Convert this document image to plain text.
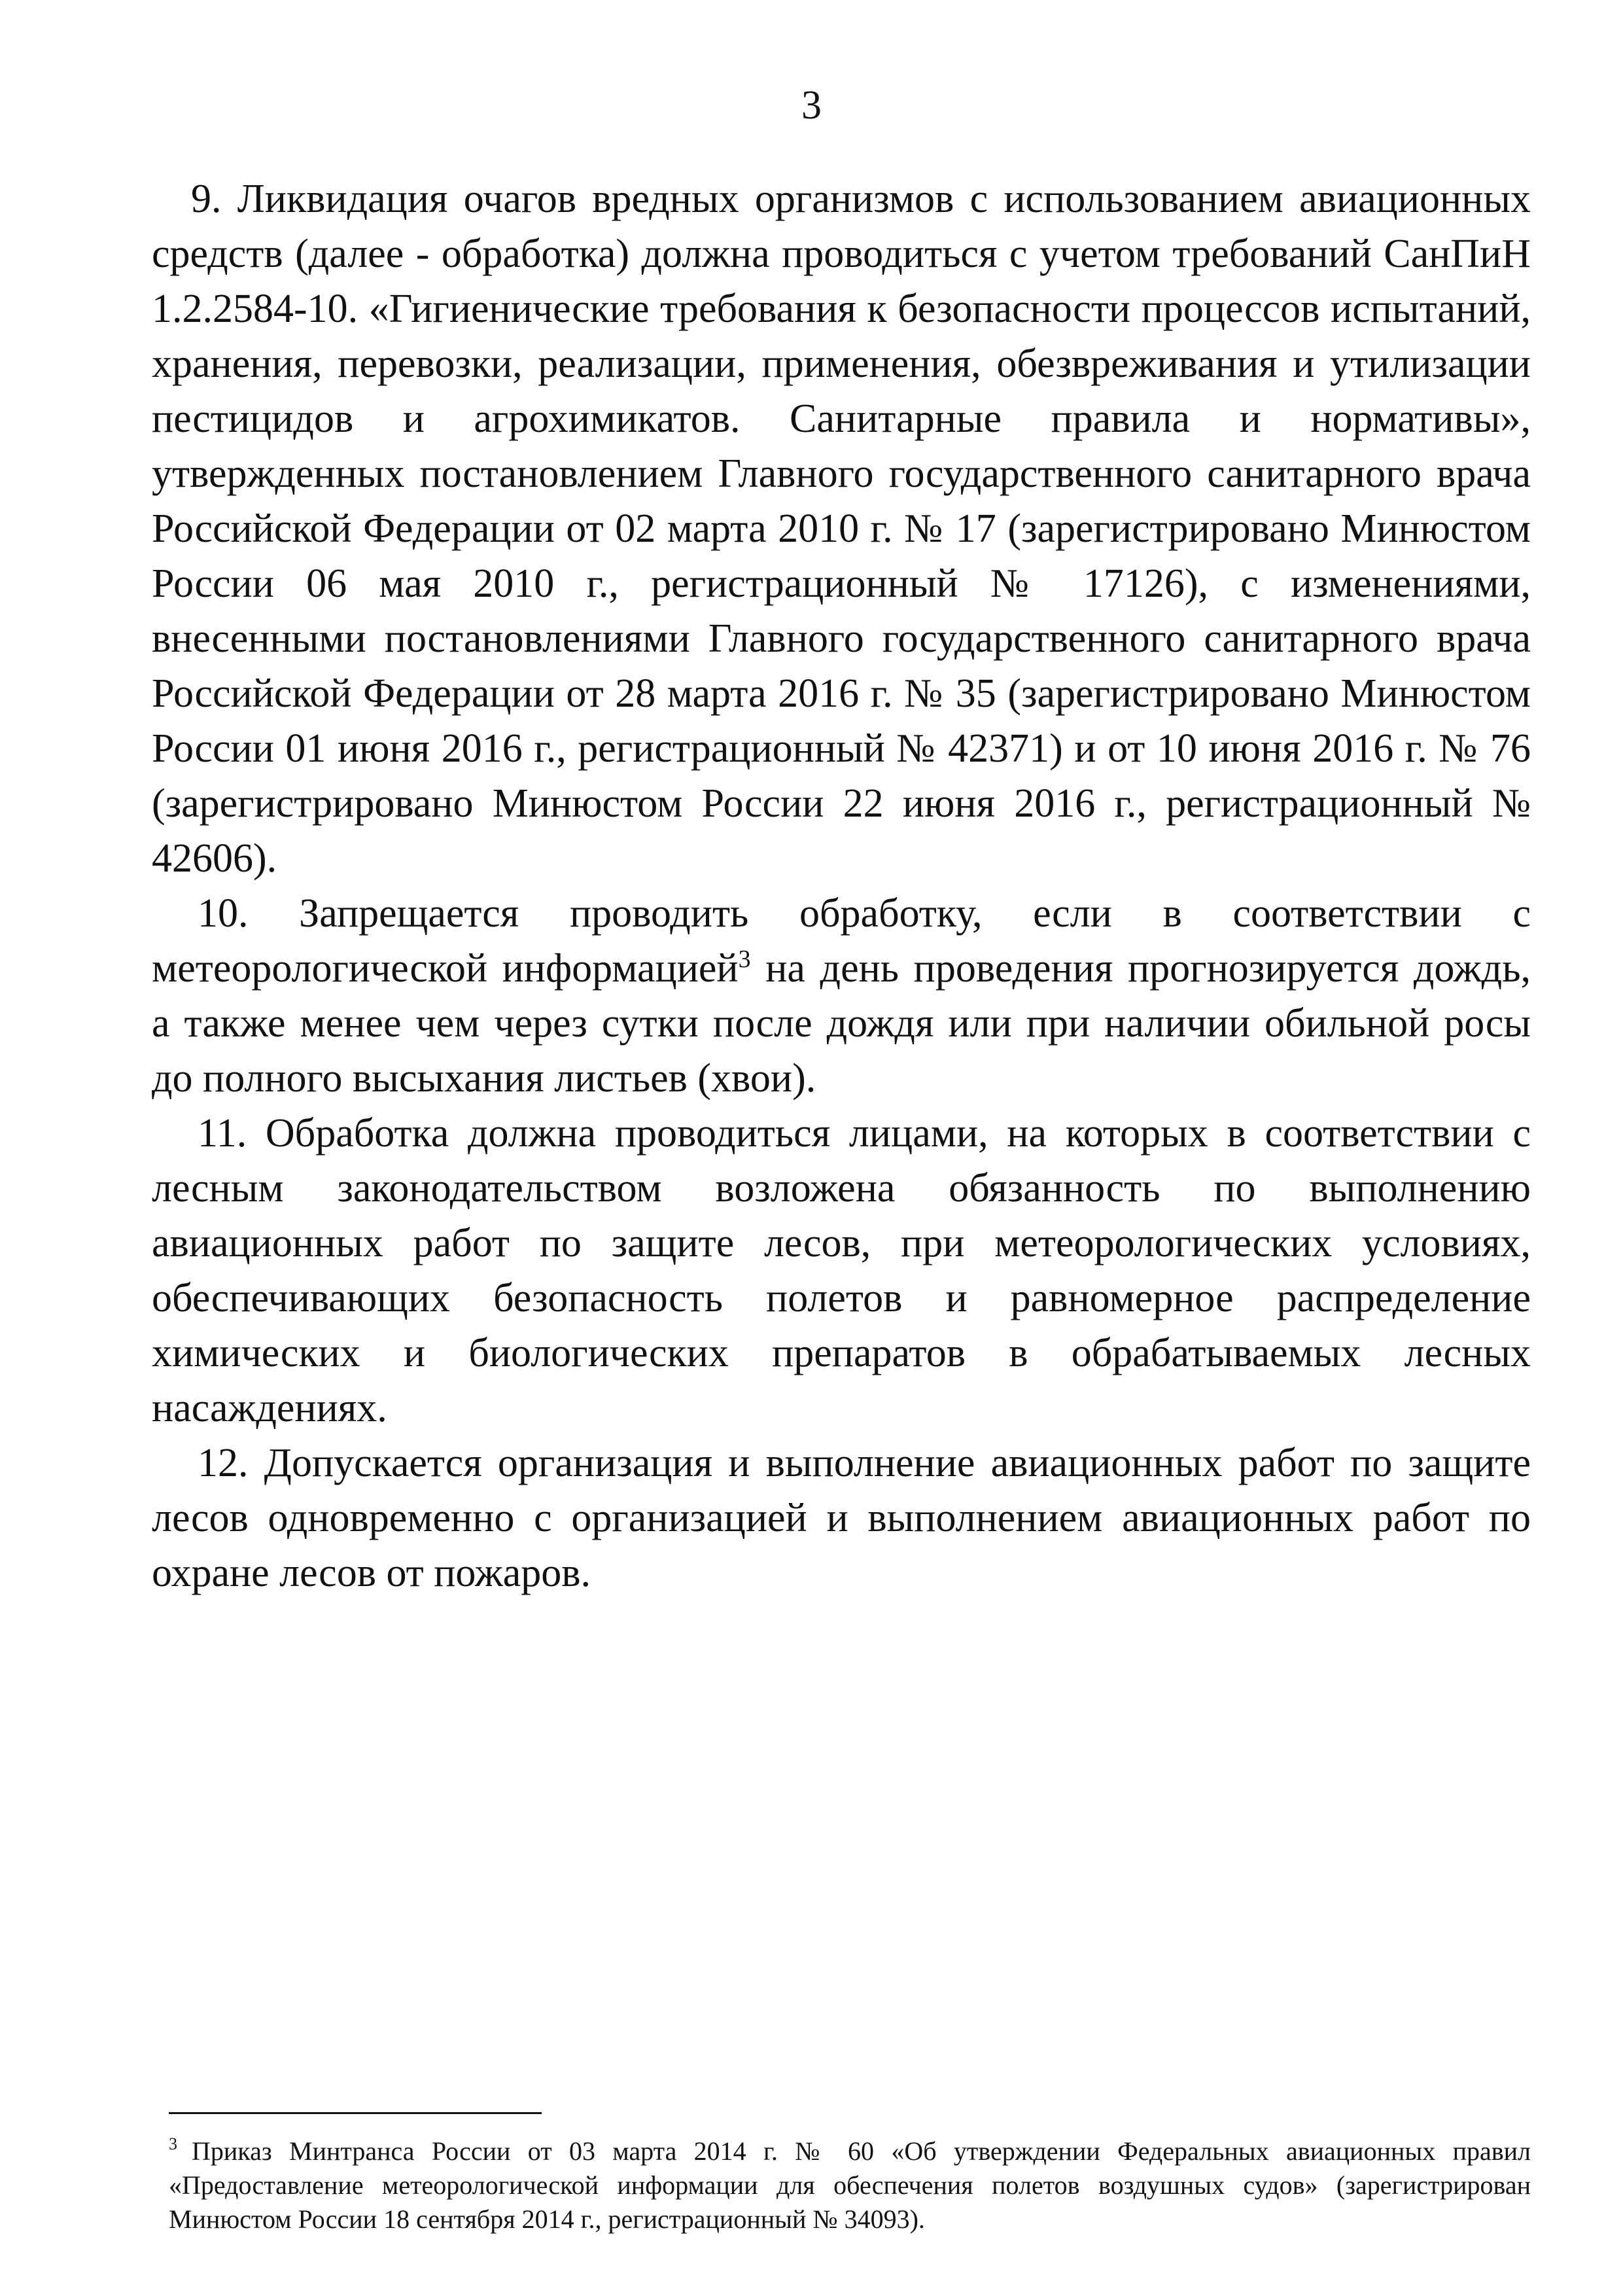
3

9. Ликвидация очагов вредных организмов с использованием авиационных средств (далее - обработка) должна проводиться с учетом требований СанПиН 1.2.2584-10. «Гигиенические требования к безопасности процессов испытаний, хранения, перевозки, реализации, применения, обезвреживания и утилизации пестицидов и агрохимикатов. Санитарные правила и нормативы», утвержденных постановлением Главного государственного санитарного врача Российской Федерации от 02 марта 2010 г. № 17 (зарегистрировано Минюстом России 06 мая 2010 г., регистрационный № 17126), с изменениями, внесенными постановлениями Главного государственного санитарного врача Российской Федерации от 28 марта 2016 г. № 35 (зарегистрировано Минюстом России 01 июня 2016 г., регистрационный № 42371) и от 10 июня 2016 г. № 76 (зарегистрировано Минюстом России 22 июня 2016 г., регистрационный № 42606).

10. Запрещается проводить обработку, если в соответствии с метеорологической информацией$^3$ на день проведения прогнозируется дождь, а также менее чем через сутки после дождя или при наличии обильной росы до полного высыхания листьев (хвои).

11. Обработка должна проводиться лицами, на которых в соответствии с лесным законодательством возложена обязанность по выполнению авиационных работ по защите лесов, при метеорологических условиях, обеспечивающих безопасность полетов и равномерное распределение химических и биологических препаратов в обрабатываемых лесных насаждениях.

12. Допускается организация и выполнение авиационных работ по защите лесов одновременно с организацией и выполнением авиационных работ по охране лесов от пожаров.

$^3$ Приказ Минтранса России от 03 марта 2014 г. № 60 «Об утверждении Федеральных авиационных правил «Предоставление метеорологической информации для обеспечения полетов воздушных судов» (зарегистрирован Минюстом России 18 сентября 2014 г., регистрационный № 34093).
